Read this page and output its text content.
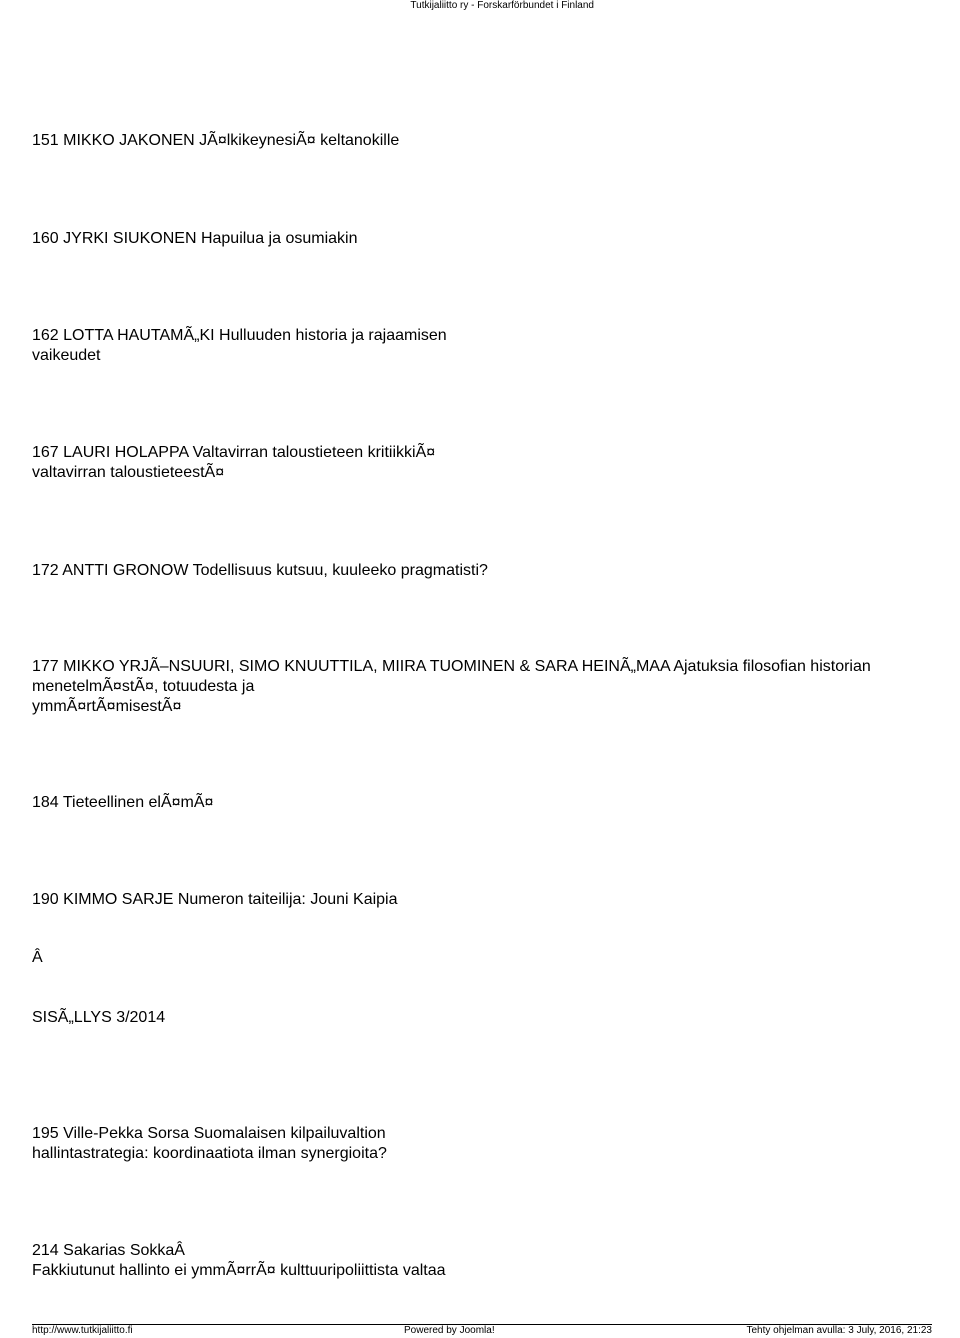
Tutkijaliitto ry - Forskarförbundet i Finland
151 MIKKO JAKONEN JÃ¤lkikeynesiÃ¤ keltanokille
160 JYRKI SIUKONEN Hapuilua ja osumiakin
162 LOTTA HAUTAMÃ„KI Hulluuden historia ja rajaamisen
vaikeudet
167 LAURI HOLAPPA Valtavirran taloustieteen kritiikkiÃ¤
valtavirran taloustieteestÃ¤
172 ANTTI GRONOW Todellisuus kutsuu, kuuleeko pragmatisti?
177 MIKKO YRJÃ–NSUURI, SIMO KNUUTTILA, MIIRA TUOMINEN & SARA HEINÃ„MAA Ajatuksia filosofian historian
menetelmÃ¤stÃ¤, totuudesta ja
ymmÃ¤rtÃ¤misestÃ¤
184 Tieteellinen elÃ¤mÃ¤
190 KIMMO SARJE Numeron taiteilija: Jouni Kaipia
Â
SISÃ„LLYS 3/2014
195 Ville-Pekka Sorsa Suomalaisen kilpailuvaltion
hallintastrategia: koordinaatiota ilman synergioita?
214 Sakarias SokkaÂ
Fakkiutunut hallinto ei ymmÃ¤rrÃ¤ kulttuuripoliittista valtaa
http://www.tutkijaliitto.fi	Powered by Joomla!	Tehty ohjelman avulla: 3 July, 2016, 21:23
